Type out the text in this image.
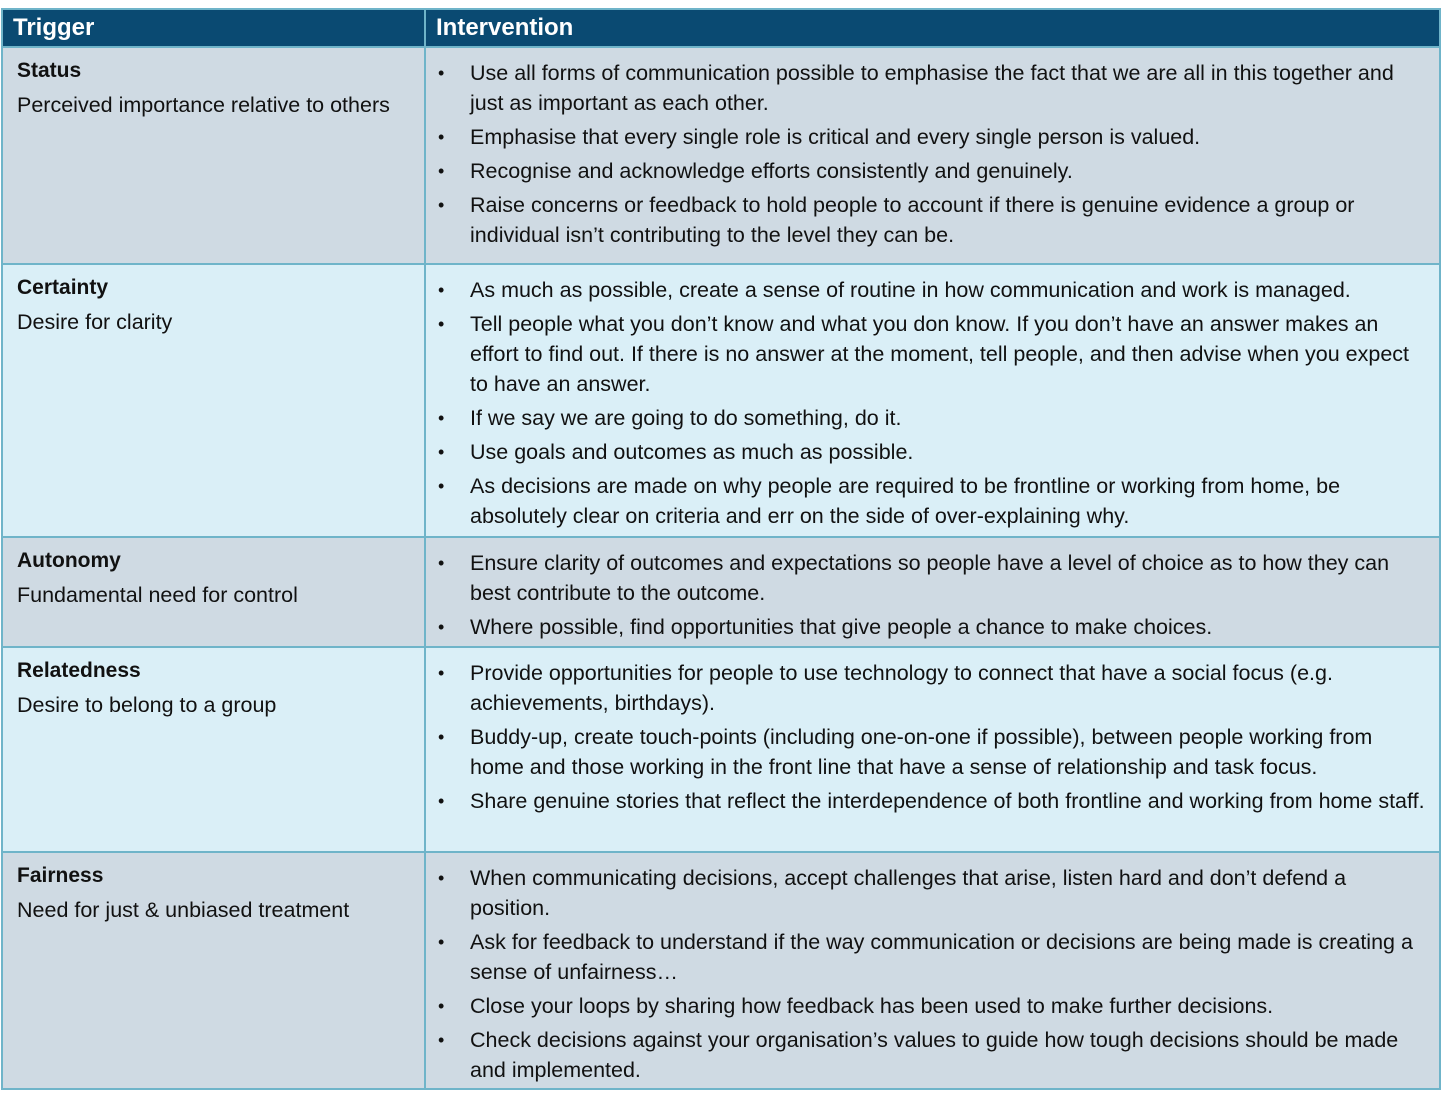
Trigger	Intervention
Status
Perceived importance relative to others
• Use all forms of communication possible to emphasise the fact that we are all in this together and just as important as each other.
• Emphasise that every single role is critical and every single person is valued.
• Recognise and acknowledge efforts consistently and genuinely.
• Raise concerns or feedback to hold people to account if there is genuine evidence a group or individual isn’t contributing to the level they can be.
Certainty
Desire for clarity
• As much as possible, create a sense of routine in how communication and work is managed.
• Tell people what you don’t know and what you don know. If you don’t have an answer makes an effort to find out. If there is no answer at the moment, tell people, and then advise when you expect to have an answer.
• If we say we are going to do something, do it.
• Use goals and outcomes as much as possible.
• As decisions are made on why people are required to be frontline or working from home, be absolutely clear on criteria and err on the side of over-explaining why.
Autonomy
Fundamental need for control
• Ensure clarity of outcomes and expectations so people have a level of choice as to how they can best contribute to the outcome.
• Where possible, find opportunities that give people a chance to make choices.
Relatedness
Desire to belong to a group
• Provide opportunities for people to use technology to connect that have a social focus (e.g. achievements, birthdays).
• Buddy-up, create touch-points (including one-on-one if possible), between people working from home and those working in the front line that have a sense of relationship and task focus.
• Share genuine stories that reflect the interdependence of both frontline and working from home staff.
Fairness
Need for just & unbiased treatment
• When communicating decisions, accept challenges that arise, listen hard and don’t defend a position.
• Ask for feedback to understand if the way communication or decisions are being made is creating a sense of unfairness…
• Close your loops by sharing how feedback has been used to make further decisions.
• Check decisions against your organisation’s values to guide how tough decisions should be made and implemented.
